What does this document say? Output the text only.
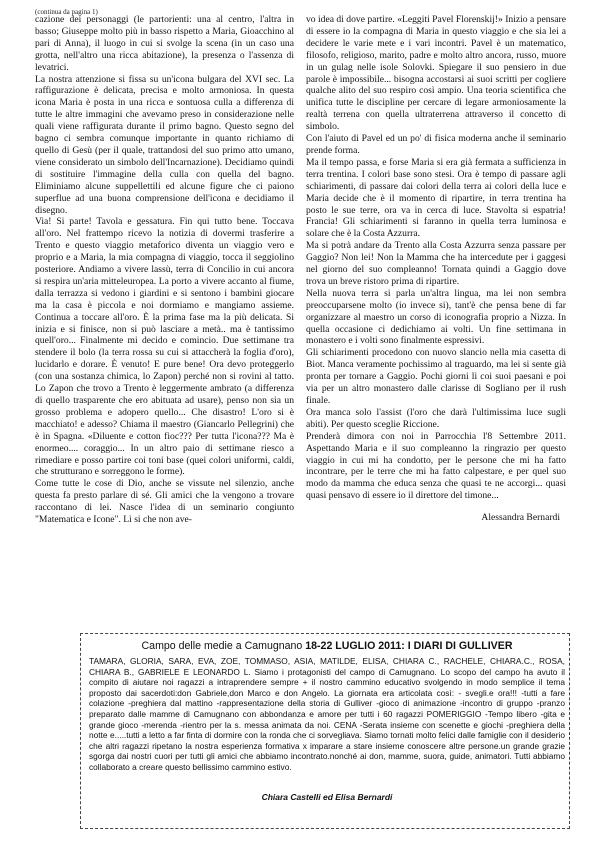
(continua da pagina 1)

cazione dei personaggi (le partorienti: una al centro, l'altra in basso; Giuseppe molto più in basso rispetto a Maria, Gioacchino al pari di Anna), il luogo in cui si svolge la scena (in un caso una grotta, nell'altro una ricca abitazione), la presenza o l'assenza di levatrici.

La nostra attenzione si fissa su un'icona bulgara del XVI sec. La raffigurazione è delicata, precisa e molto armoniosa. In questa icona Maria è posta in una ricca e sontuosa culla a differenza di tutte le altre immagini che avevamo preso in considerazione nelle quali viene raffigurata durante il primo bagno. Questo segno del bagno ci sembra comunque importante in quanto richiamo di quello di Gesù (per il quale, trattandosi del suo primo atto umano, viene considerato un simbolo dell'Incarnazione). Decidiamo quindi di sostituire l'immagine della culla con quella del bagno. Eliminiamo alcune suppellettili ed alcune figure che ci paiono superflue ad una buona comprensione dell'icona e decidiamo il disegno.

Via! Si parte! Tavola e gessatura. Fin qui tutto bene. Toccava all'oro. Nel frattempo ricevo la notizia di dovermi trasferire a Trento e questo viaggio metaforico diventa un viaggio vero e proprio e a Maria, la mia compagna di viaggio, tocca il seggiolino posteriore. Andiamo a vivere lassù, terra di Concilio in cui ancora si respira un'aria mitteleuropea. La porto a vivere accanto al fiume, dalla terrazza si vedono i giardini e si sentono i bambini giocare ma la casa è piccola e noi dormiamo e mangiamo assieme. Continua a toccare all'oro. È la prima fase ma la più delicata. Si inizia e si finisce, non si può lasciare a metà.. ma è tantissimo quell'oro... Finalmente mi decido e comincio. Due settimane tra stendere il bolo (la terra rossa su cui si attaccherà la foglia d'oro), lucidarlo e dorare. È venuto! E pure bene! Ora devo proteggerlo (con una sostanza chimica, lo Zapon) perché non si rovini al tatto. Lo Zapon che trovo a Trento è leggermente ambrato (a differenza di quello trasparente che ero abituata ad usare), penso non sia un grosso problema e adopero quello... Che disastro! L'oro si è macchiato! e adesso? Chiama il maestro (Giancarlo Pellegrini) che è in Spagna. «Diluente e cotton fioc??? Per tutta l'icona??? Ma è enormeo.... coraggio... In un altro paio di settimane riesco a rimediare e posso partire coi toni base (quei colori uniformi, caldi, che strutturano e sorreggono le forme).

Come tutte le cose di Dio, anche se vissute nel silenzio, anche questa fa presto parlare di sé. Gli amici che la vengono a trovare raccontano di lei. Nasce l'idea di un seminario congiunto "Matematica e Icone". Lì si che non ave-

vo idea di dove partire. «Leggiti Pavel Florenskij!» Inizio a pensare di essere io la compagna di Maria in questo viaggio e che sia lei a decidere le varie mete e i vari incontri. Pavel è un matematico, filosofo, religioso, marito, padre e molto altro ancora, russo, muore in un gulag nelle isole Solovki. Spiegare il suo pensiero in due parole è impossibile... bisogna accostarsi ai suoi scritti per cogliere qualche alito del suo respiro così ampio. Una teoria scientifica che unifica tutte le discipline per cercare di legare armoniosamente la realtà terrena con quella ultraterrena attraverso il concetto di simbolo.

Con l'aiuto di Pavel ed un po' di fisica moderna anche il seminario prende forma.

Ma il tempo passa, e forse Maria si era già fermata a sufficienza in terra trentina. I colori base sono stesi. Ora è tempo di passare agli schiarimenti, di passare dai colori della terra ai colori della luce e Maria decide che è il momento di ripartire, in terra trentina ha posto le sue terre, ora va in cerca di luce. Stavolta si espatria! Francia! Gli schiarimenti si faranno in quella terra luminosa e solare che è la Costa Azzurra.

Ma si potrà andare da Trento alla Costa Azzurra senza passare per Gaggio? Non lei! Non la Mamma che ha intercedute per i gaggesi nel giorno del suo compleanno! Tornata quindi a Gaggio dove trova un breve ristoro prima di ripartire.

Nella nuova terra si parla un'altra lingua, ma lei non sembra preoccuparsene molto (io invece si), tant'è che pensa bene di far organizzare al maestro un corso di iconografia proprio a Nizza. In quella occasione ci dedichiamo ai volti. Un fine settimana in monastero e i volti sono finalmente espressivi.

Gli schiarimenti procedono con nuovo slancio nella mia casetta di Biot. Manca veramente pochissimo al traguardo, ma lei si sente già pronta per tornare a Gaggio. Pochi giorni lì coi suoi paesani e poi via per un altro monastero dalle clarisse di Sogliano per il rush finale.

Ora manca solo l'assist (l'oro che darà l'ultimissima luce sugli abiti). Per questo sceglie Riccione.

Prenderà dimora con noi in Parrocchia l'8 Settembre 2011. Aspettando Maria e il suo compleanno la ringrazio per questo viaggio in cui mi ha condotto, per le persone che mi ha fatto incontrare, per le terre che mi ha fatto calpestare, e per quel suo modo da mamma che educa senza che quasi te ne accorgi... quasi quasi pensavo di essere io il direttore del timone...

Alessandra Bernardi

Campo delle medie a Camugnano 18-22 LUGLIO 2011: I DIARI DI GULLIVER

TAMARA, GLORIA, SARA, EVA, ZOE, TOMMASO, ASIA, MATILDE, ELISA, CHIARA C., RACHELE, CHIARA.C., ROSA, CHIARA B., GABRIELE E LEONARDO L. Siamo i protagonisti del campo di Camugnano. Lo scopo del campo ha avuto il compito di aiutare noi ragazzi a intraprendere sempre + il nostro cammino educativo svolgendo in modo semplice il tema proposto dai sacerdoti:don Gabriele,don Marco e don Angelo. La giornata era articolata così: - svegli.e ora!!! -tutti a fare colazione -preghiera dal mattino -rappresentazione della storia di Gulliver -gioco di animazione -incontro di gruppo -pranzo preparato dalle mamme di Camugnano con abbondanza e amore per tutti i 60 ragazzi POMERIGGIO -Tempo libero -gita e grande gioco -merenda -rientro per la s. messa animata da noi. CENA -Serata insieme con scenette e giochi -preghiera della notte e.....tutti a letto a far finta di dormire con la ronda che ci sorvegliava. Siamo tornati molto felici dalle famiglie con il desiderio che altri ragazzi ripetano la nostra esperienza formativa x imparare a stare insieme conoscere altre persone.un grande grazie sgorga dai nostri cuori per tutti gli amici che abbiamo incontrato.nonché ai don, mamme, suora, guide, animatori. Tutti abbiamo collaborato a creare questo bellissimo cammino estivo.

Chiara Castelli ed Elisa Bernardi
